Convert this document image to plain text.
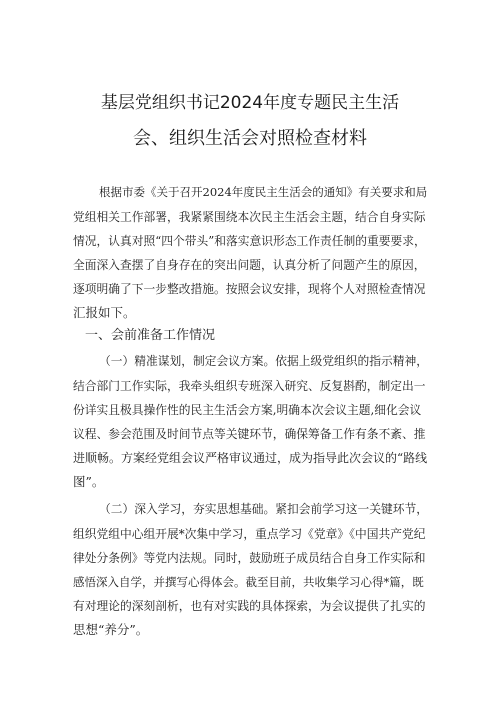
基层党组织书记2024年度专题民主生活
会、组织生活会对照检查材料
根据市委《关于召开2024年度民主生活会的通知》有关要求和局
党组相关工作部署，我紧紧围绕本次民主生活会主题，结合自身实际
情况，认真对照“四个带头”和落实意识形态工作责任制的重要要求，
全面深入查摆了自身存在的突出问题，认真分析了问题产生的原因，
逐项明确了下一步整改措施。按照会议安排，现将个人对照检查情况
汇报如下。
一、会前准备工作情况
（一）精准谋划，制定会议方案。依据上级党组织的指示精神，
结合部门工作实际，我牵头组织专班深入研究、反复斟酌，制定出一
份详实且极具操作性的民主生活会方案,明确本次会议主题,细化会议
议程、参会范围及时间节点等关键环节，确保筹备工作有条不紊、推
进顺畅。方案经党组会议严格审议通过，成为指导此次会议的“路线
图”。
（二）深入学习，夯实思想基础。紧扣会前学习这一关键环节，
组织党组中心组开展*次集中学习，重点学习《党章》《中国共产党纪
律处分条例》等党内法规。同时，鼓励班子成员结合自身工作实际和
感悟深入自学，并撰写心得体会。截至目前，共收集学习心得*篇，既
有对理论的深刻剖析，也有对实践的具体探索，为会议提供了扎实的
思想“养分”。
